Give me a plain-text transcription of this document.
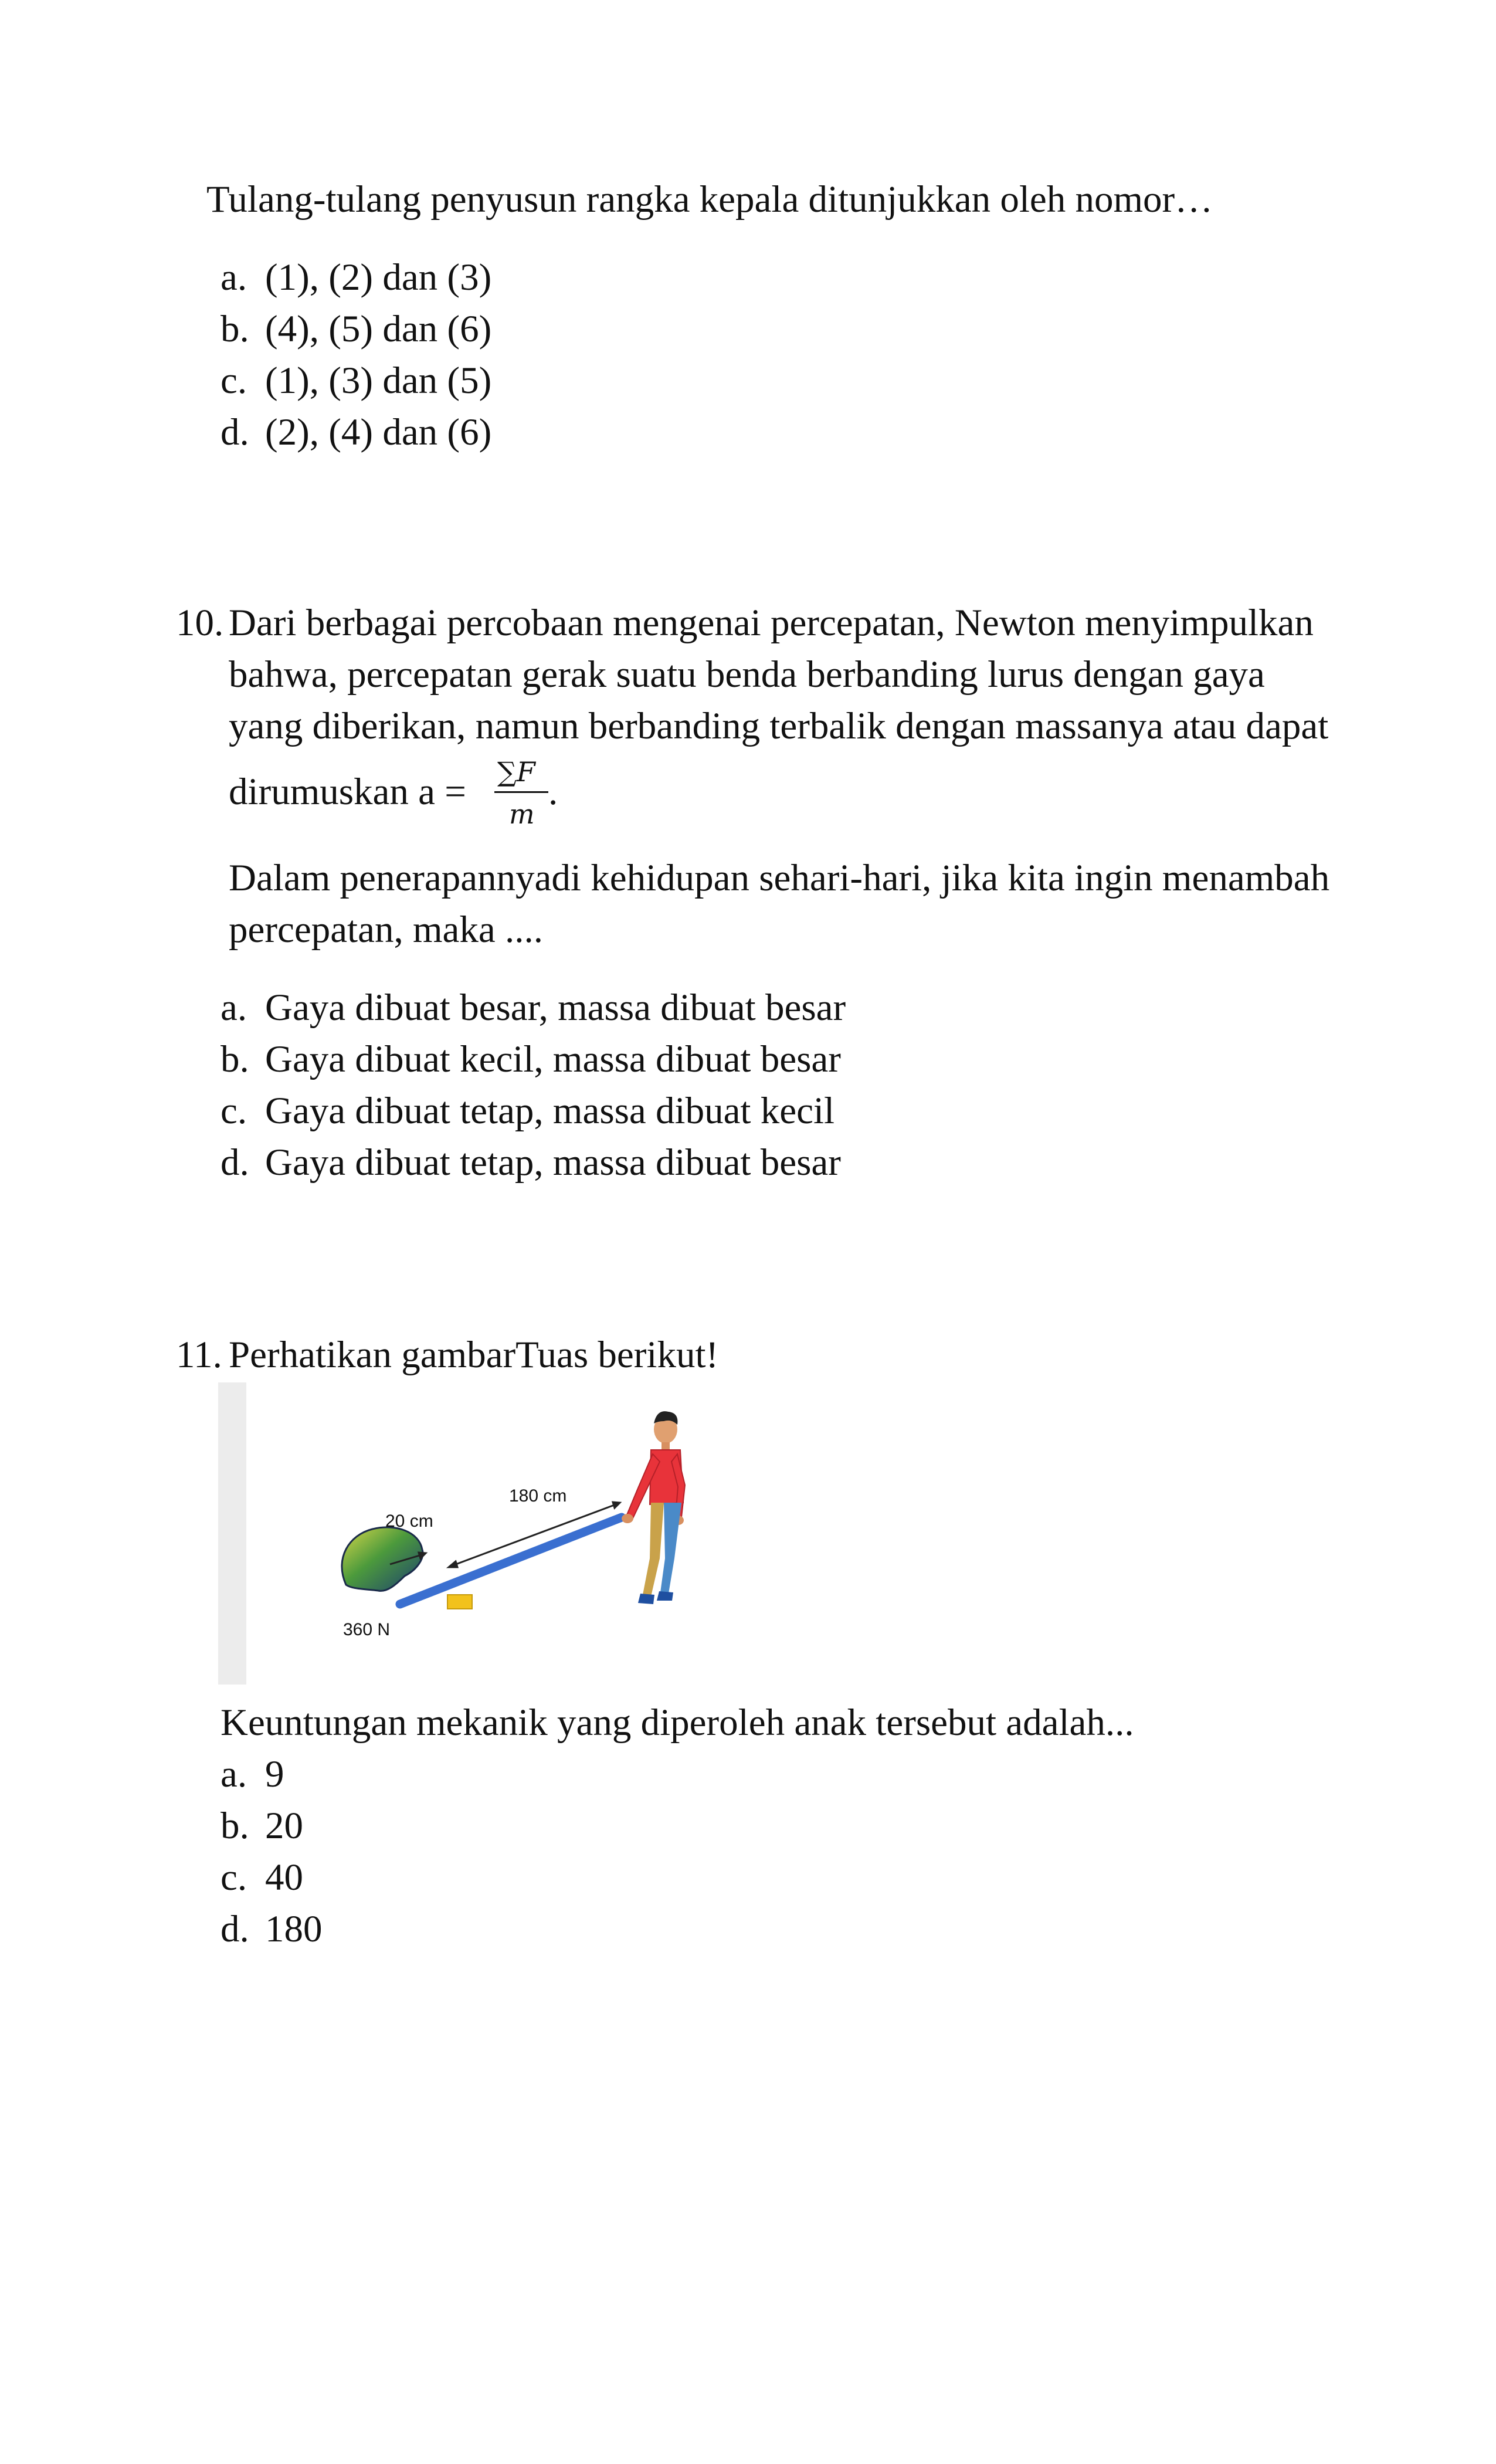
Tulang-tulang penyusun rangka kepala ditunjukkan oleh nomor…
a. (1), (2) dan (3)
b. (4), (5) dan (6)
c. (1), (3) dan (5)
d. (2), (4) dan (6)
10. Dari berbagai percobaan mengenai percepatan, Newton menyimpulkan
bahwa, percepatan gerak suatu benda berbanding lurus dengan gaya
yang diberikan, namun berbanding terbalik dengan massanya atau dapat
dirumuskan a = ∑F
m
.
Dalam penerapannyadi kehidupan sehari-hari, jika kita ingin menambah
percepatan, maka ....
a. Gaya dibuat besar, massa dibuat besar
b. Gaya dibuat kecil, massa dibuat besar
c. Gaya dibuat tetap, massa dibuat kecil
d. Gaya dibuat tetap, massa dibuat besar
11. Perhatikan gambarTuas berikut!
20 cm
180 cm
360 N
Keuntungan mekanik yang diperoleh anak tersebut adalah...
a. 9
b. 20
c. 40
d. 180
